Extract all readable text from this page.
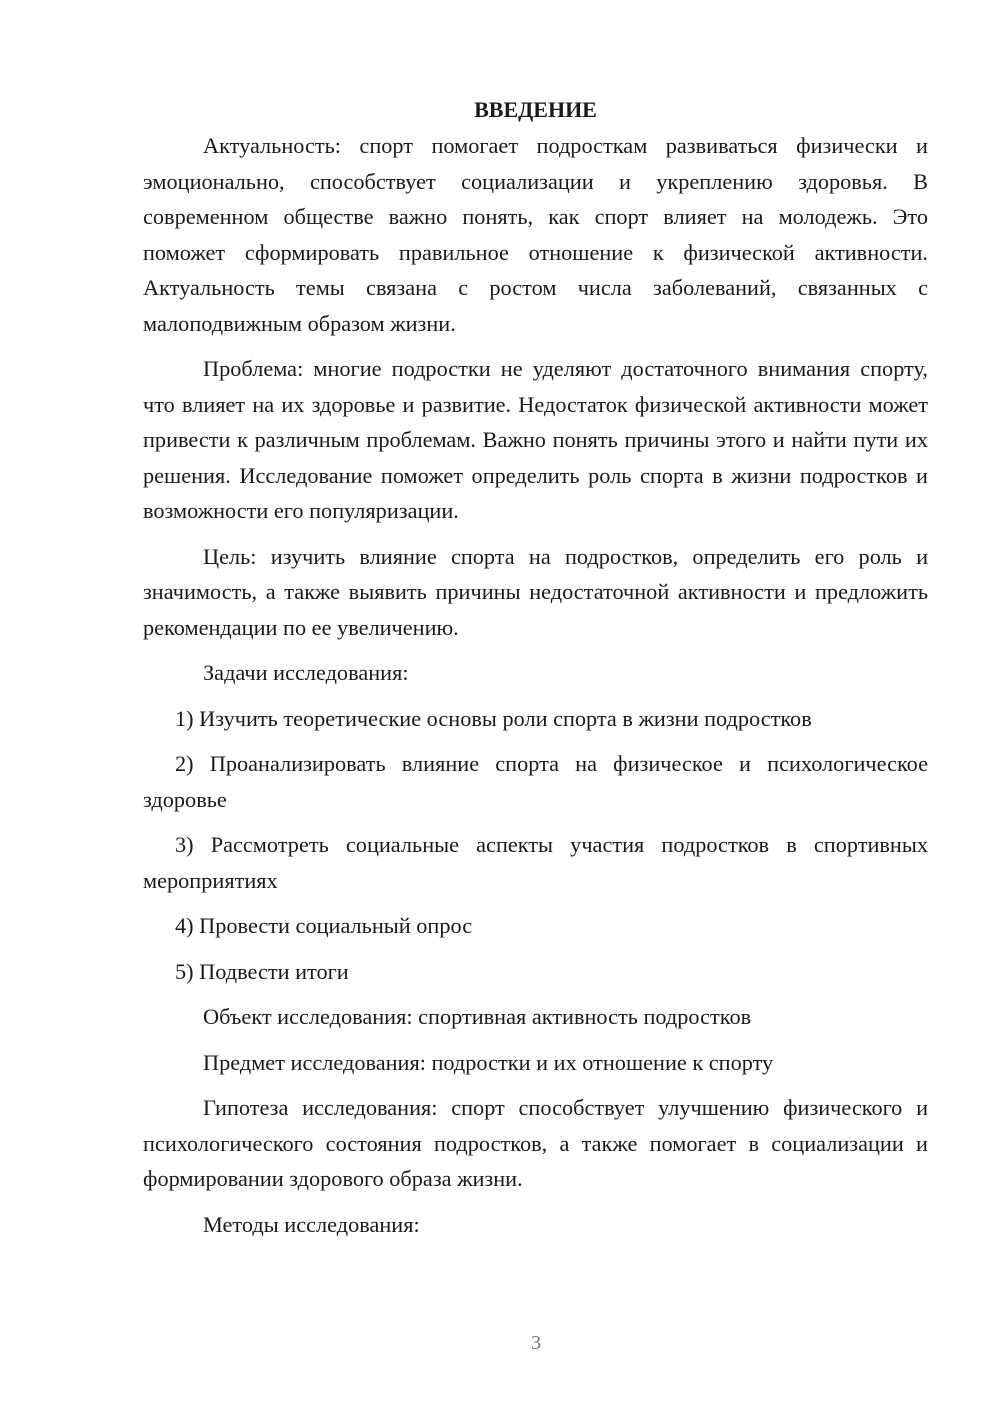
ВВЕДЕНИЕ

Актуальность: спорт помогает подросткам развиваться физически и эмоционально, способствует социализации и укреплению здоровья. В современном обществе важно понять, как спорт влияет на молодежь. Это поможет сформировать правильное отношение к физической активности. Актуальность темы связана с ростом числа заболеваний, связанных с малоподвижным образом жизни.

Проблема: многие подростки не уделяют достаточного внимания спорту, что влияет на их здоровье и развитие. Недостаток физической активности может привести к различным проблемам. Важно понять причины этого и найти пути их решения. Исследование поможет определить роль спорта в жизни подростков и возможности его популяризации.

Цель: изучить влияние спорта на подростков, определить его роль и значимость, а также выявить причины недостаточной активности и предложить рекомендации по ее увеличению.

Задачи исследования:

1) Изучить теоретические основы роли спорта в жизни подростков

2) Проанализировать влияние спорта на физическое и психологическое здоровье

3) Рассмотреть социальные аспекты участия подростков в спортивных мероприятиях

4) Провести социальный опрос

5) Подвести итоги

Объект исследования: спортивная активность подростков

Предмет исследования: подростки и их отношение к спорту

Гипотеза исследования: спорт способствует улучшению физического и психологического состояния подростков, а также помогает в социализации и формировании здорового образа жизни.

Методы исследования:

3
